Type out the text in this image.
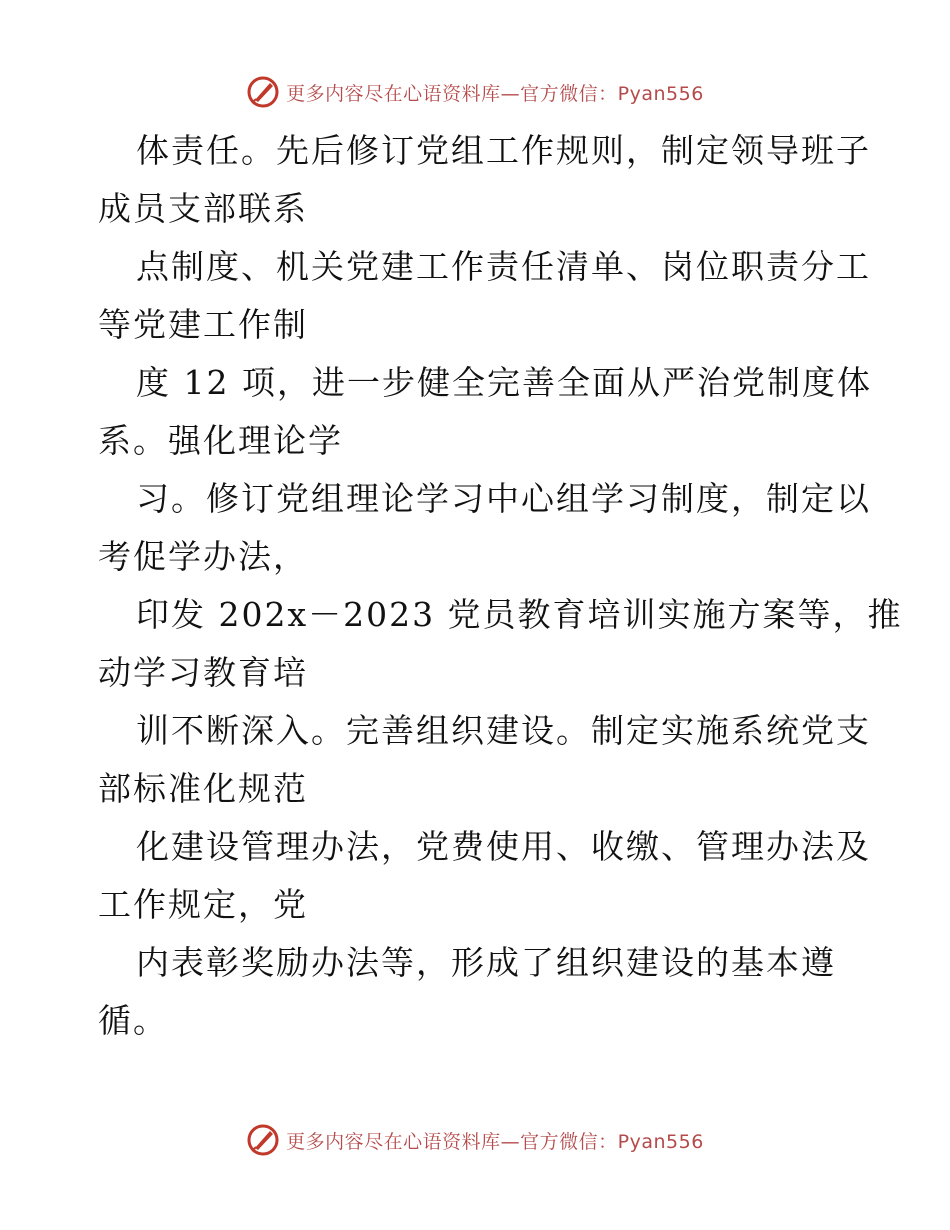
更多内容尽在心语资料库—官方微信：Pyan556
体责任。先后修订党组工作规则，制定领导班子
成员支部联系
点制度、机关党建工作责任清单、岗位职责分工
等党建工作制
度 12 项，进一步健全完善全面从严治党制度体
系。强化理论学
习。修订党组理论学习中心组学习制度，制定以
考促学办法，
印发 202x－2023 党员教育培训实施方案等，推
动学习教育培
训不断深入。完善组织建设。制定实施系统党支
部标准化规范
化建设管理办法，党费使用、收缴、管理办法及
工作规定，党
内表彰奖励办法等，形成了组织建设的基本遵
循。
更多内容尽在心语资料库—官方微信：Pyan556
